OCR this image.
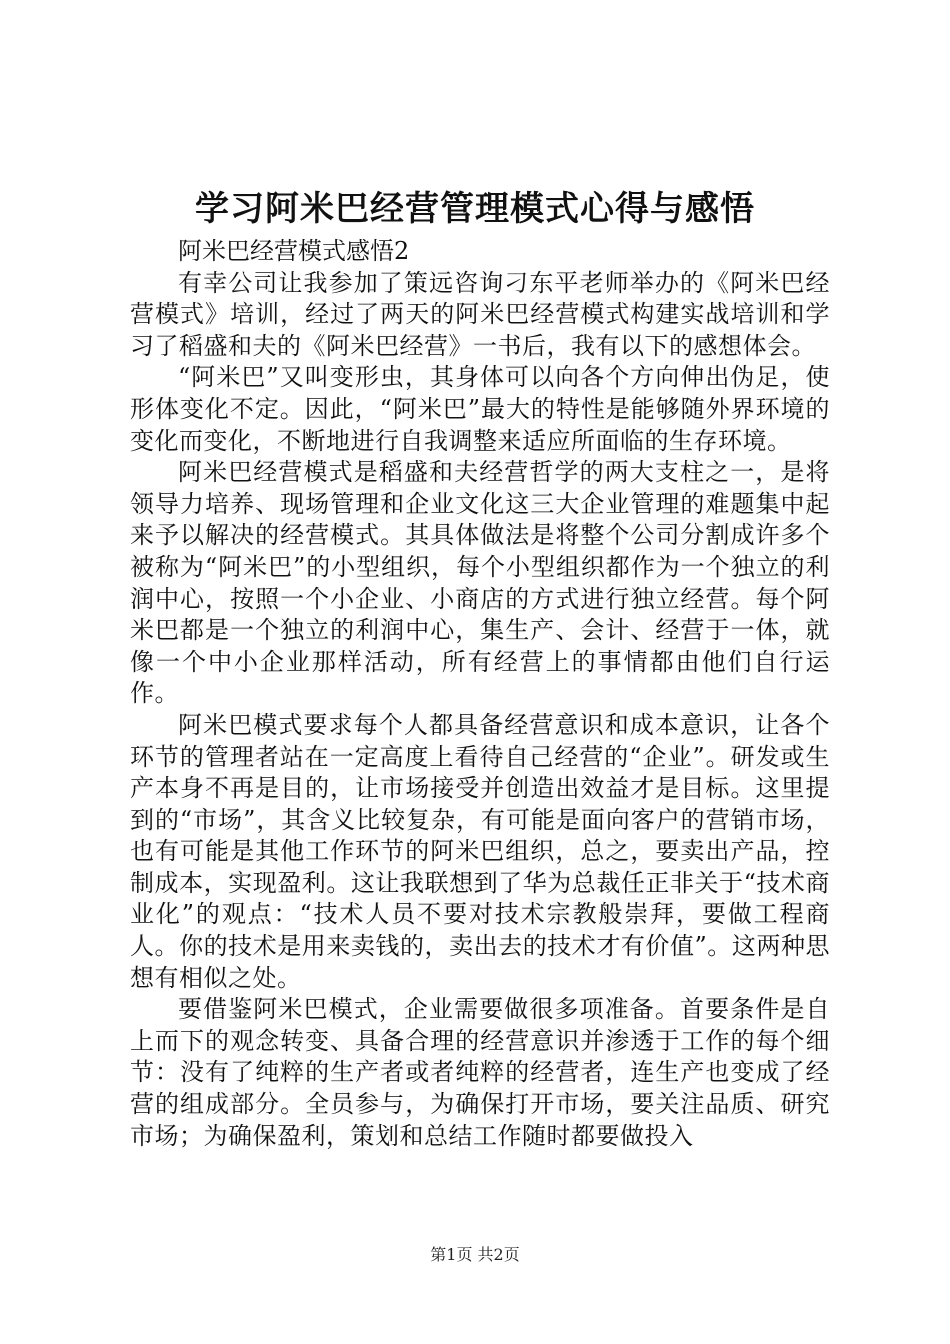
学习阿米巴经营管理模式心得与感悟

阿米巴经营模式感悟2

有幸公司让我参加了策远咨询刁东平老师举办的《阿米巴经营模式》培训，经过了两天的阿米巴经营模式构建实战培训和学习了稻盛和夫的《阿米巴经营》一书后，我有以下的感想体会。

“阿米巴”又叫变形虫，其身体可以向各个方向伸出伪足，使形体变化不定。因此，“阿米巴”最大的特性是能够随外界环境的变化而变化，不断地进行自我调整来适应所面临的生存环境。

阿米巴经营模式是稻盛和夫经营哲学的两大支柱之一，是将领导力培养、现场管理和企业文化这三大企业管理的难题集中起来予以解决的经营模式。其具体做法是将整个公司分割成许多个被称为“阿米巴”的小型组织，每个小型组织都作为一个独立的利润中心，按照一个小企业、小商店的方式进行独立经营。每个阿米巴都是一个独立的利润中心，集生产、会计、经营于一体，就像一个中小企业那样活动，所有经营上的事情都由他们自行运作。

阿米巴模式要求每个人都具备经营意识和成本意识，让各个环节的管理者站在一定高度上看待自己经营的“企业”。研发或生产本身不再是目的，让市场接受并创造出效益才是目标。这里提到的“市场”，其含义比较复杂，有可能是面向客户的营销市场，也有可能是其他工作环节的阿米巴组织，总之，要卖出产品，控制成本，实现盈利。这让我联想到了华为总裁任正非关于“技术商业化”的观点：“技术人员不要对技术宗教般崇拜，要做工程商人。你的技术是用来卖钱的，卖出去的技术才有价值”。这两种思想有相似之处。

要借鉴阿米巴模式，企业需要做很多项准备。首要条件是自上而下的观念转变、具备合理的经营意识并渗透于工作的每个细节：没有了纯粹的生产者或者纯粹的经营者，连生产也变成了经营的组成部分。全员参与，为确保打开市场，要关注品质、研究市场；为确保盈利，策划和总结工作随时都要做投入

第1页 共2页
